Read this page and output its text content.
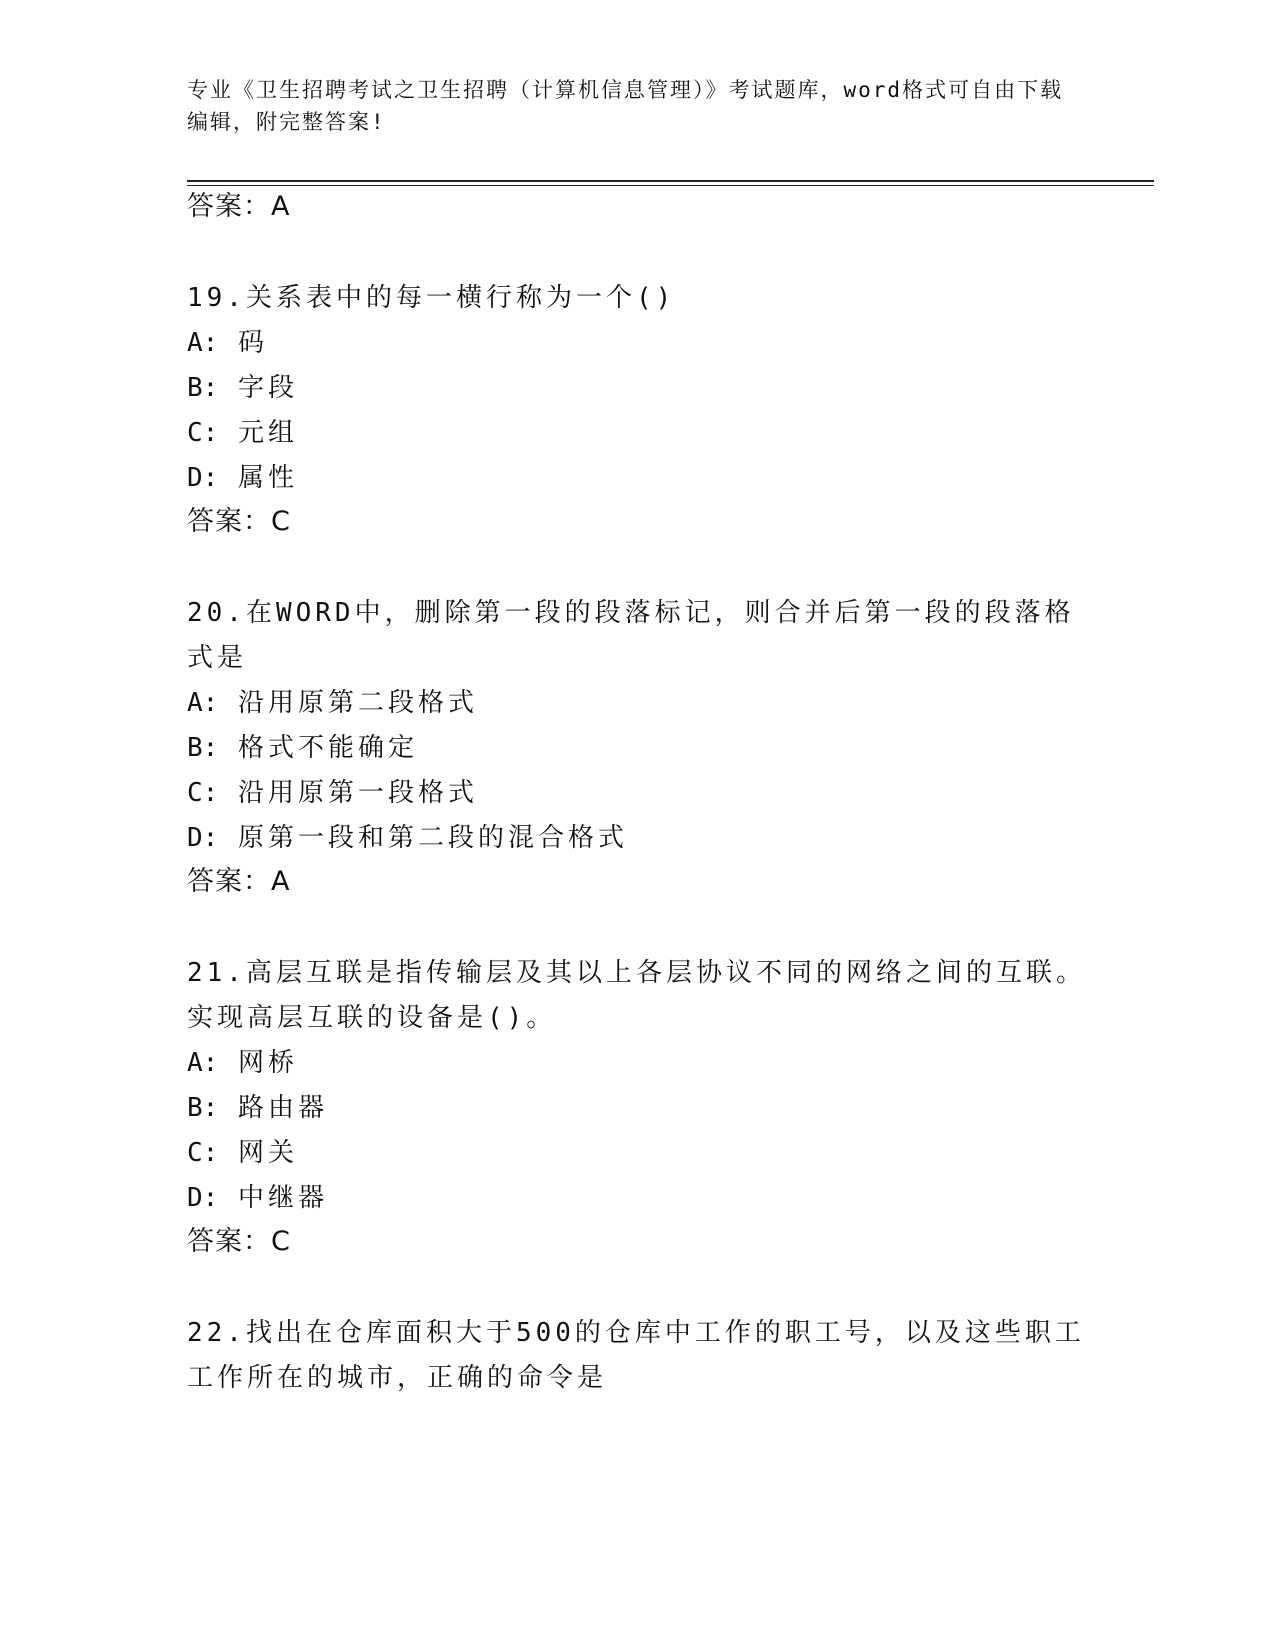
专业《卫生招聘考试之卫生招聘（计算机信息管理）》考试题库，word格式可自由下载编辑，附完整答案!

答案：A

19.关系表中的每一横行称为一个()

A: 码

B: 字段

C: 元组

D: 属性

答案：C

20.在WORD中，删除第一段的段落标记，则合并后第一段的段落格式是

A: 沿用原第二段格式

B: 格式不能确定

C: 沿用原第一段格式

D: 原第一段和第二段的混合格式

答案：A

21.高层互联是指传输层及其以上各层协议不同的网络之间的互联。实现高层互联的设备是()。

A: 网桥

B: 路由器

C: 网关

D: 中继器

答案：C

22.找出在仓库面积大于500的仓库中工作的职工号，以及这些职工工作所在的城市，正确的命令是
